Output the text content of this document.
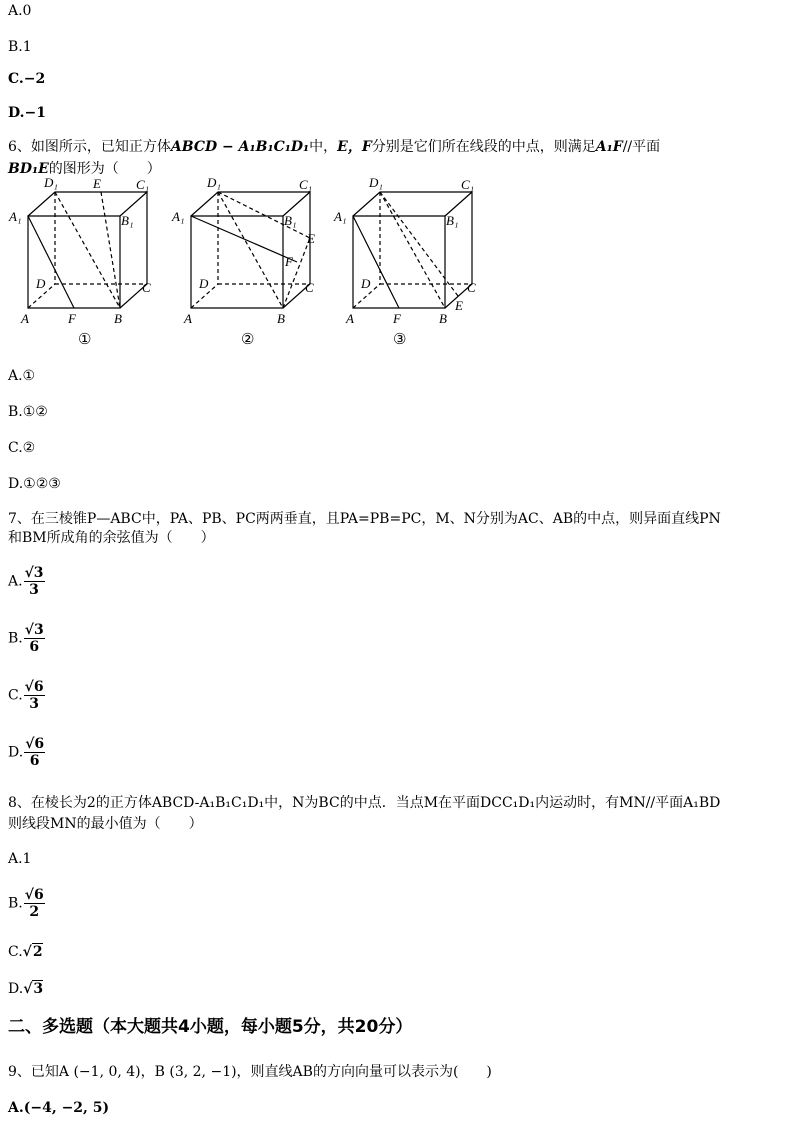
A.0
B.1
C.−2
D.−1
6、如图所示，已知正方体ABCD − A₁B₁C₁D₁中，E，F分别是它们所在线段的中点，则满足A₁F//平面
BD₁E的图形为（　　）
A₁
D₁	E	C₁
B₁
D	C
A	F	B
①
A₁
D₁	C₁
B₁
E
F
D	C
A	B
②
A₁
D₁	C₁
B₁
D	C
E
A	F	B
③
A.①
B.①②
C.②
D.①②③
7、在三棱锥P—ABC中，PA、PB、PC两两垂直，且PA=PB=PC，M、N分别为AC、AB的中点，则异面直线PN
和BM所成角的余弦值为（　　）
A. $\frac{√3}{3}$
B. $\frac{√3}{6}$
C. $\frac{√6}{3}$
D. $\frac{√6}{6}$
8、在棱长为2的正方体ABCD-A₁B₁C₁D₁中，N为BC的中点．当点M在平面DCC₁D₁内运动时，有MN//平面A₁BD
则线段MN的最小值为（　　）
A.1
B. $\frac{√6}{2}$
C.√2
D.√3
二、多选题（本大题共4小题，每小题5分，共20分）
9、已知A (−1, 0, 4)，B (3, 2, −1)，则直线AB的方向向量可以表示为(　　)
A.(−4, −2, 5)
